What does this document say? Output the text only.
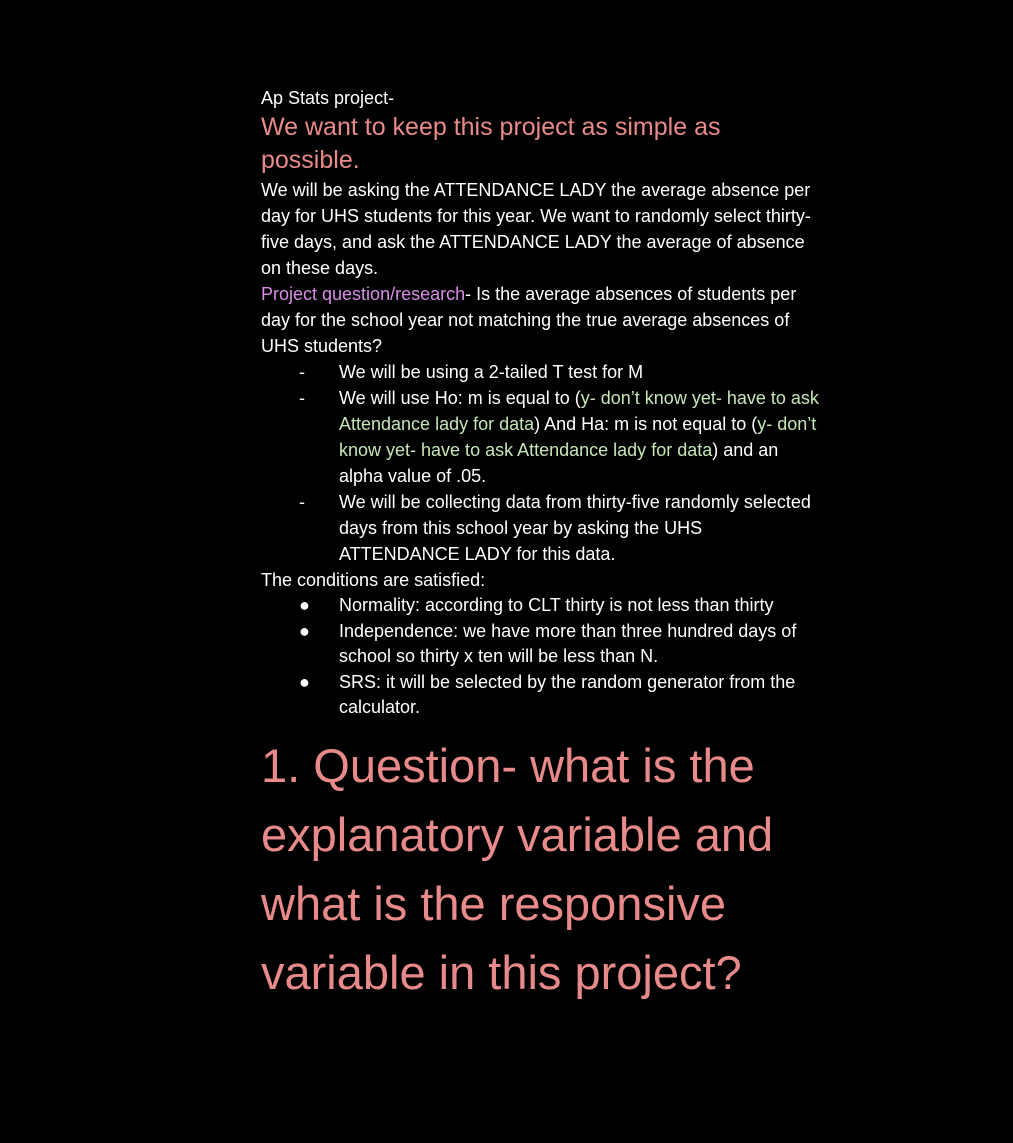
Ap Stats project-
We want to keep this project as simple as possible.
We will be asking the ATTENDANCE LADY the average absence per day for UHS students for this year. We want to randomly select thirty-five days, and ask the ATTENDANCE LADY the average of absence on these days.
Project question/research- Is the average absences of students per day for the school year not matching the true average absences of UHS students?
-	We will be using a 2-tailed T test for M
-	We will use Ho: m is equal to (y- don’t know yet- have to ask Attendance lady for data) And Ha: m is not equal to (y- don’t know yet- have to ask Attendance lady for data) and an alpha value of .05.
-	We will be collecting data from thirty-five randomly selected days from this school year by asking the UHS ATTENDANCE LADY for this data.
The conditions are satisfied:
●	Normality: according to CLT thirty is not less than thirty
●	Independence: we have more than three hundred days of school so thirty x ten will be less than N.
●	SRS: it will be selected by the random generator from the calculator.
1. Question- what is the explanatory variable and what is the responsive variable in this project?
